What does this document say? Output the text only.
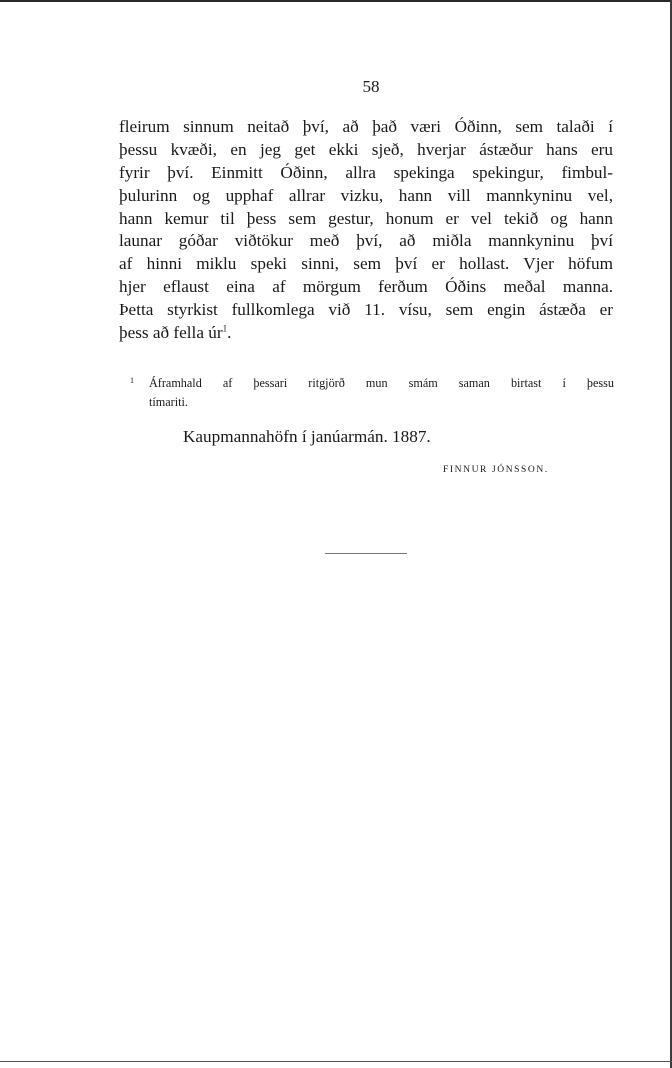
58
fleirum sinnum neitað því, að það væri Óðinn, sem talaði í
þessu kvæði, en jeg get ekki sjeð, hverjar ástæður hans eru
fyrir því. Einmitt Óðinn, allra spekinga spekingur, fimbul-
þulurinn og upphaf allrar vizku, hann vill mannkyninu vel,
hann kemur til þess sem gestur, honum er vel tekið og hann
launar góðar viðtökur með því, að miðla mannkyninu því
af hinni miklu speki sinni, sem því er hollast. Vjer höfum
hjer eflaust eina af mörgum ferðum Óðins meðal manna.
Þetta styrkist fullkomlega við 11. vísu, sem engin ástæða er
þess að fella $úr^1$.
1 Áframhald af þessari ritgjörð mun smám saman birtast í þessu
tímariti.
Kaupmannahöfn í janúarmán. 1887.
FINNUR JÓNSSON.
